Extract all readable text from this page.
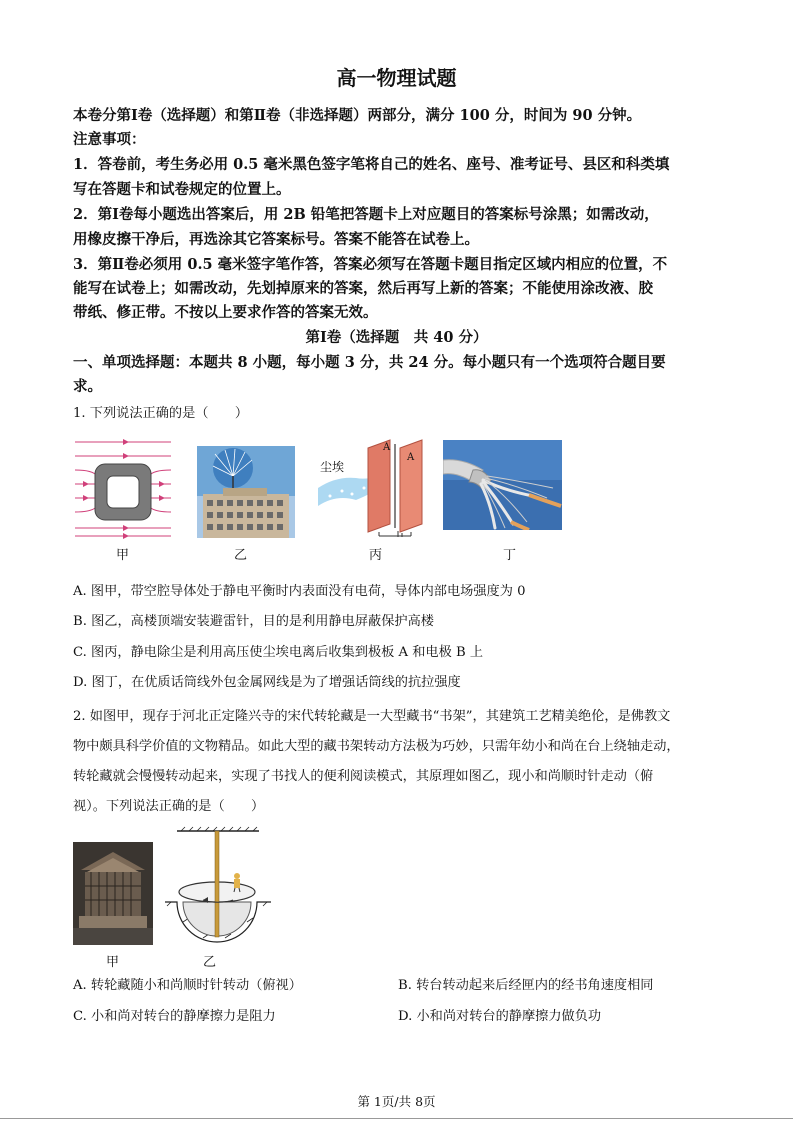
高一物理试题
本卷分第Ⅰ卷（选择题）和第Ⅱ卷（非选择题）两部分，满分 100 分，时间为 90 分钟。
注意事项：
1．答卷前，考生务必用 0.5 毫米黑色签字笔将自己的姓名、座号、准考证号、县区和科类填
写在答题卡和试卷规定的位置上。
2．第Ⅰ卷每小题选出答案后，用 2B 铅笔把答题卡上对应题目的答案标号涂黑；如需改动，
用橡皮擦干净后，再选涂其它答案标号。答案不能答在试卷上。
3．第Ⅱ卷必须用 0.5 毫米签字笔作答，答案必须写在答题卡题目指定区域内相应的位置，不
能写在试卷上；如需改动，先划掉原来的答案，然后再写上新的答案；不能使用涂改液、胶
带纸、修正带。不按以上要求作答的答案无效。
第Ⅰ卷（选择题　共 40 分）
一、单项选择题：本题共 8 小题，每小题 3 分，共 24 分。每小题只有一个选项符合题目要
求。
1. 下列说法正确的是（　　）
甲	乙
尘埃
A
A
丙	丁
A. 图甲，带空腔导体处于静电平衡时内表面没有电荷，导体内部电场强度为 0
B. 图乙，高楼顶端安装避雷针，目的是利用静电屏蔽保护高楼
C. 图丙，静电除尘是利用高压使尘埃电离后收集到极板 A 和电极 B 上
D. 图丁，在优质话筒线外包金属网线是为了增强话筒线的抗拉强度
2. 如图甲，现存于河北正定隆兴寺的宋代转轮藏是一大型藏书“书架”，其建筑工艺精美绝伦，是佛教文
物中颇具科学价值的文物精品。如此大型的藏书架转动方法极为巧妙，只需年幼小和尚在台上绕轴走动，
转轮藏就会慢慢转动起来，实现了书找人的便利阅读模式，其原理如图乙，现小和尚顺时针走动（俯
视）。下列说法正确的是（　　）
甲	乙
A. 转轮藏随小和尚顺时针转动（俯视）	B. 转台转动起来后经匣内的经书角速度相同
C. 小和尚对转台的静摩擦力是阻力	D. 小和尚对转台的静摩擦力做负功
第 1页/共 8页
